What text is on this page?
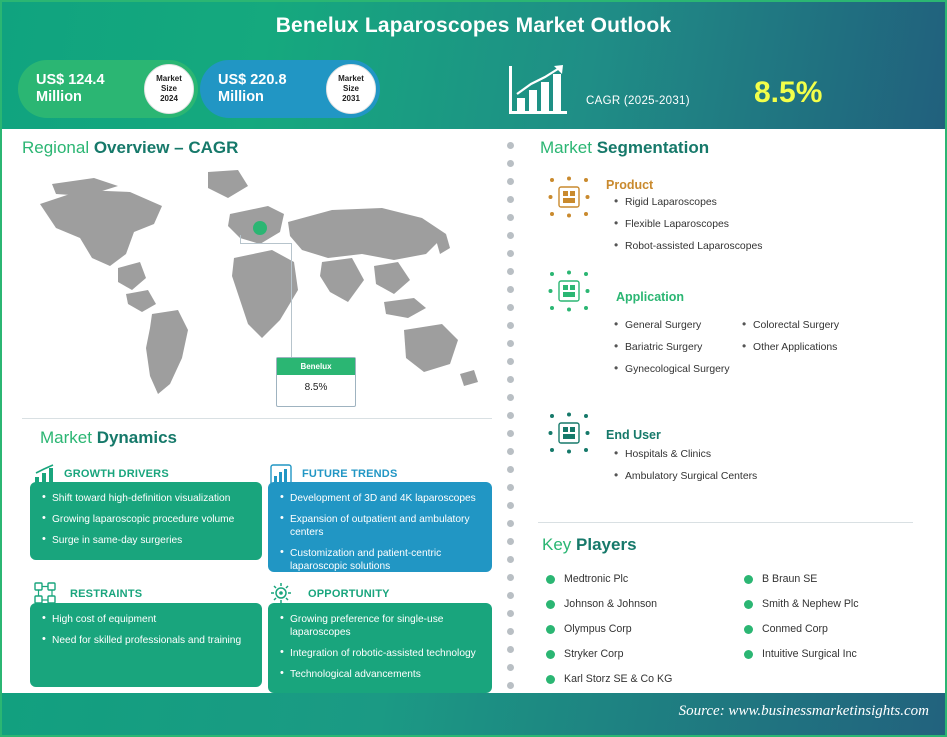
Benelux Laparoscopes Market Outlook
US$ 124.4 Million
Market
Size
2024
US$ 220.8 Million
Market
Size
2031	CAGR (2025-2031) 8.5%
Regional Overview – CAGR
Benelux
8.5%
Market Dynamics
GROWTH DRIVERS
• Shift toward high-definition visualization
• Growing laparoscopic procedure volume
• Surge in same-day surgeries
FUTURE TRENDS
• Development of 3D and 4K laparoscopes
• Expansion of outpatient and ambulatory centers
• Customization and patient-centric laparoscopic solutions
RESTRAINTS
• High cost of equipment
• Need for skilled professionals and training
OPPORTUNITY
• Growing preference for single-use laparoscopes
• Integration of robotic-assisted technology
• Technological advancements
Market Segmentation
Product
• Rigid Laparoscopes
• Flexible Laparoscopes
• Robot-assisted Laparoscopes
Application
• General Surgery
• Bariatric Surgery
• Gynecological Surgery
• Colorectal Surgery
• Other Applications
End User
• Hospitals & Clinics
• Ambulatory Surgical Centers
Key Players
Medtronic Plc
Johnson & Johnson
Olympus Corp
Stryker Corp
Karl Storz SE & Co KG
B Braun SE
Smith & Nephew Plc
Conmed Corp
Intuitive Surgical Inc
Source: www.businessmarketinsights.com
